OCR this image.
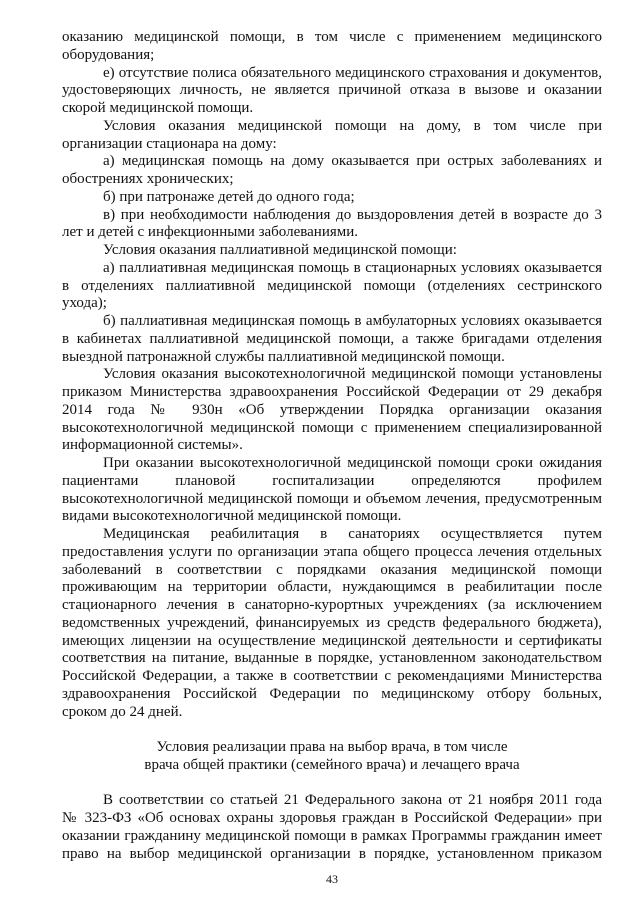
оказанию медицинской помощи, в том числе с применением медицинского
оборудования;
е) отсутствие полиса обязательного медицинского страхования и документов,
удостоверяющих личность, не является причиной отказа в вызове и оказании
скорой медицинской помощи.
Условия оказания медицинской помощи на дому, в том числе при
организации стационара на дому:
а) медицинская помощь на дому оказывается при острых заболеваниях и
обострениях хронических;
б) при патронаже детей до одного года;
в) при необходимости наблюдения до выздоровления детей в возрасте до 3
лет и детей с инфекционными заболеваниями.
Условия оказания паллиативной медицинской помощи:
а) паллиативная медицинская помощь в стационарных условиях оказывается
в отделениях паллиативной медицинской помощи (отделениях сестринского
ухода);
б) паллиативная медицинская помощь в амбулаторных условиях оказывается
в кабинетах паллиативной медицинской помощи, а также бригадами отделения
выездной патронажной службы паллиативной медицинской помощи.
Условия оказания высокотехнологичной медицинской помощи установлены
приказом Министерства здравоохранения Российской Федерации от 29 декабря
2014 года № 930н «Об утверждении Порядка организации оказания
высокотехнологичной медицинской помощи с применением специализированной
информационной системы».
При оказании высокотехнологичной медицинской помощи сроки ожидания
пациентами плановой госпитализации определяются профилем
высокотехнологичной медицинской помощи и объемом лечения, предусмотренным
видами высокотехнологичной медицинской помощи.
Медицинская реабилитация в санаториях осуществляется путем
предоставления услуги по организации этапа общего процесса лечения отдельных
заболеваний в соответствии с порядками оказания медицинской помощи
проживающим на территории области, нуждающимся в реабилитации после
стационарного лечения в санаторно-курортных учреждениях (за исключением
ведомственных учреждений, финансируемых из средств федерального бюджета),
имеющих лицензии на осуществление медицинской деятельности и сертификаты
соответствия на питание, выданные в порядке, установленном законодательством
Российской Федерации, а также в соответствии с рекомендациями Министерства
здравоохранения Российской Федерации по медицинскому отбору больных,
сроком до 24 дней.
Условия реализации права на выбор врача, в том числе
врача общей практики (семейного врача) и лечащего врача
В соответствии со статьей 21 Федерального закона от 21 ноября 2011 года
№ 323-ФЗ «Об основах охраны здоровья граждан в Российской Федерации» при
оказании гражданину медицинской помощи в рамках Программы гражданин имеет
право на выбор медицинской организации в порядке, установленном приказом
43
